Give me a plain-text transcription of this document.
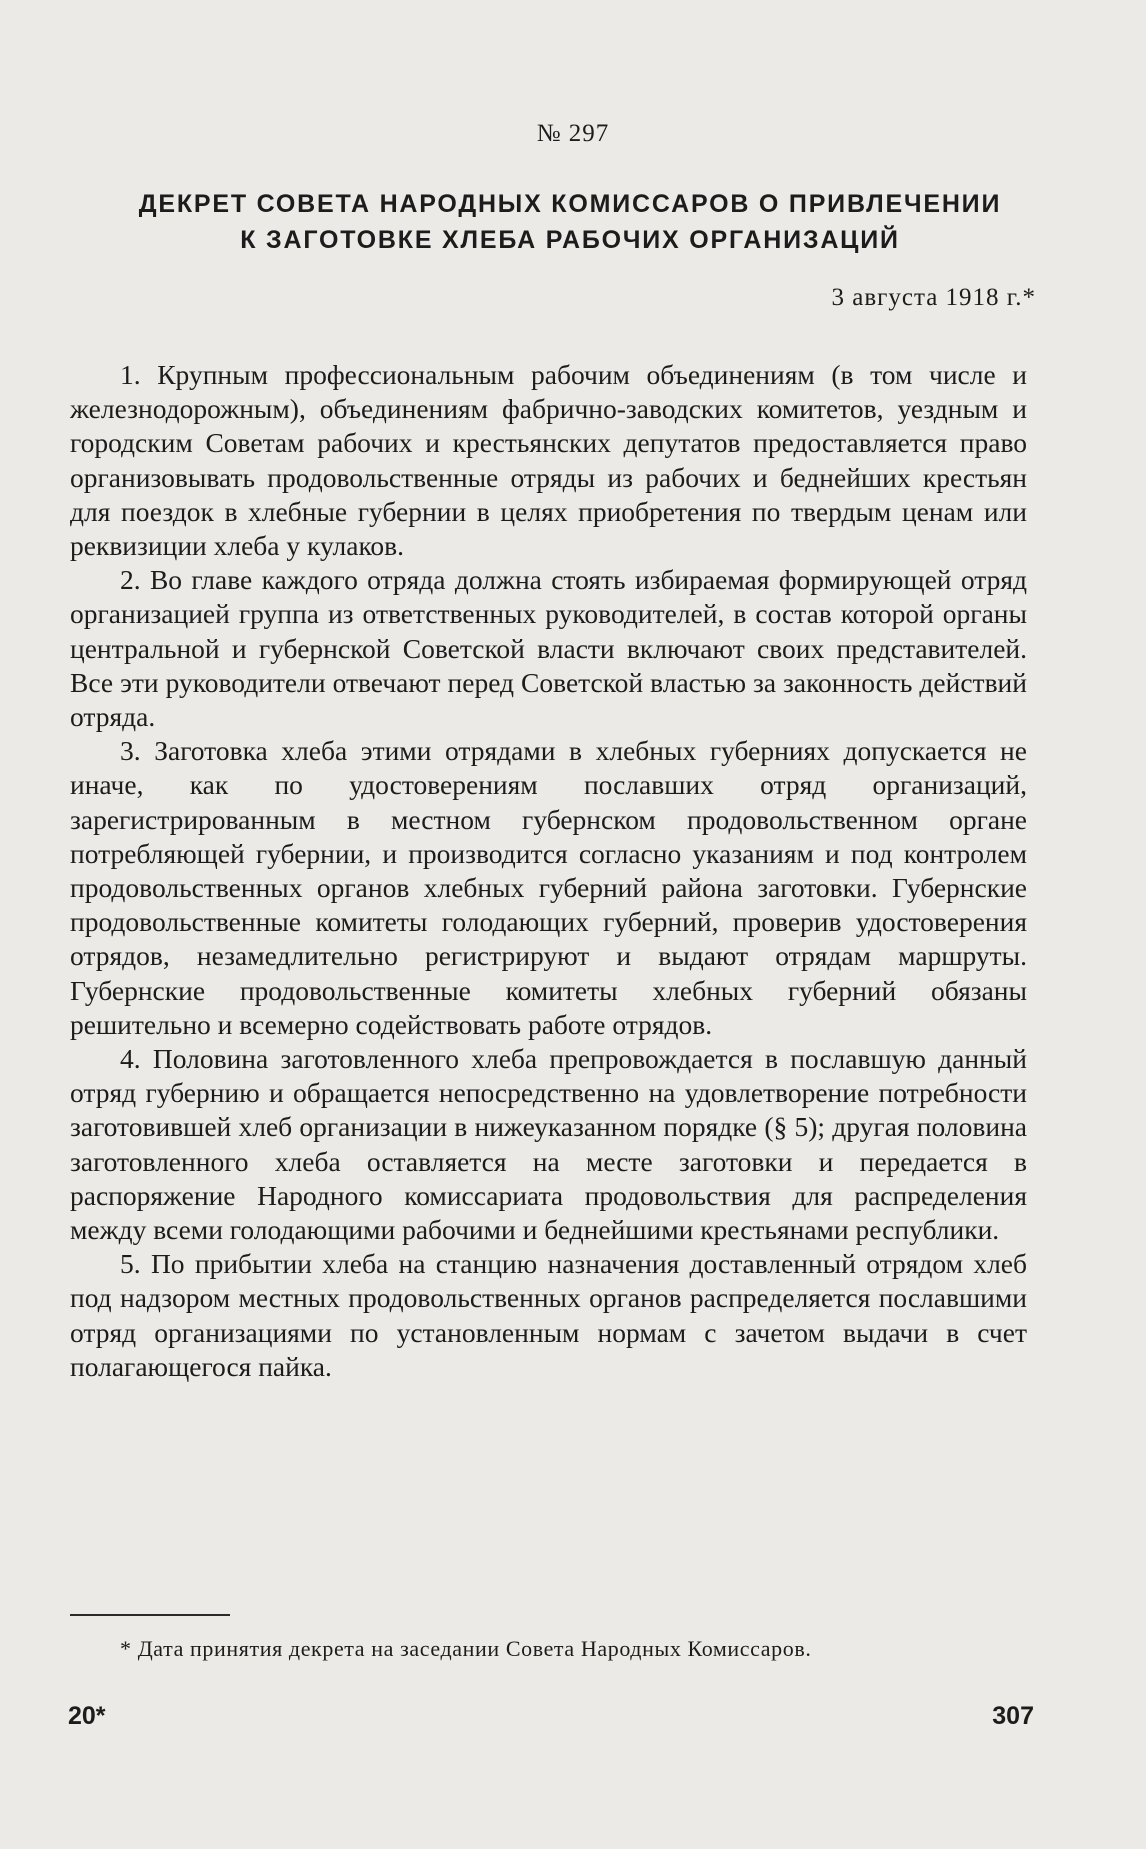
№ 297
ДЕКРЕТ СОВЕТА НАРОДНЫХ КОМИССАРОВ О ПРИВЛЕЧЕНИИ
К ЗАГОТОВКЕ ХЛЕБА РАБОЧИХ ОРГАНИЗАЦИЙ
3 августа 1918 г.*

1. Крупным профессиональным рабочим объединениям (в том числе и железнодорожным), объединениям фабрично-заводских комитетов, уездным и городским Советам рабочих и крестьянских депутатов предоставляется право организовывать продовольственные отряды из рабочих и беднейших крестьян для поездок в хлебные губернии в целях приобретения по твердым ценам или реквизиции хлеба у кулаков.

2. Во главе каждого отряда должна стоять избираемая формирующей отряд организацией группа из ответственных руководителей, в состав которой органы центральной и губернской Советской власти включают своих представителей. Все эти руководители отвечают перед Советской властью за законность действий отряда.

3. Заготовка хлеба этими отрядами в хлебных губерниях допускается не иначе, как по удостоверениям пославших отряд организаций, зарегистрированным в местном губернском продовольственном органе потребляющей губернии, и производится согласно указаниям и под контролем продовольственных органов хлебных губерний района заготовки. Губернские продовольственные комитеты голодающих губерний, проверив удостоверения отрядов, незамедлительно регистрируют и выдают отрядам маршруты. Губернские продовольственные комитеты хлебных губерний обязаны решительно и всемерно содействовать работе отрядов.

4. Половина заготовленного хлеба препровождается в пославшую данный отряд губернию и обращается непосредственно на удовлетворение потребности заготовившей хлеб организации в нижеуказанном порядке (§ 5); другая половина заготовленного хлеба оставляется на месте заготовки и передается в распоряжение Народного комиссариата продовольствия для распределения между всеми голодающими рабочими и беднейшими крестьянами республики.

5. По прибытии хлеба на станцию назначения доставленный отрядом хлеб под надзором местных продовольственных органов распределяется пославшими отряд организациями по установленным нормам с зачетом выдачи в счет полагающегося пайка.

* Дата принятия декрета на заседании Совета Народных Комиссаров.
20*	307
